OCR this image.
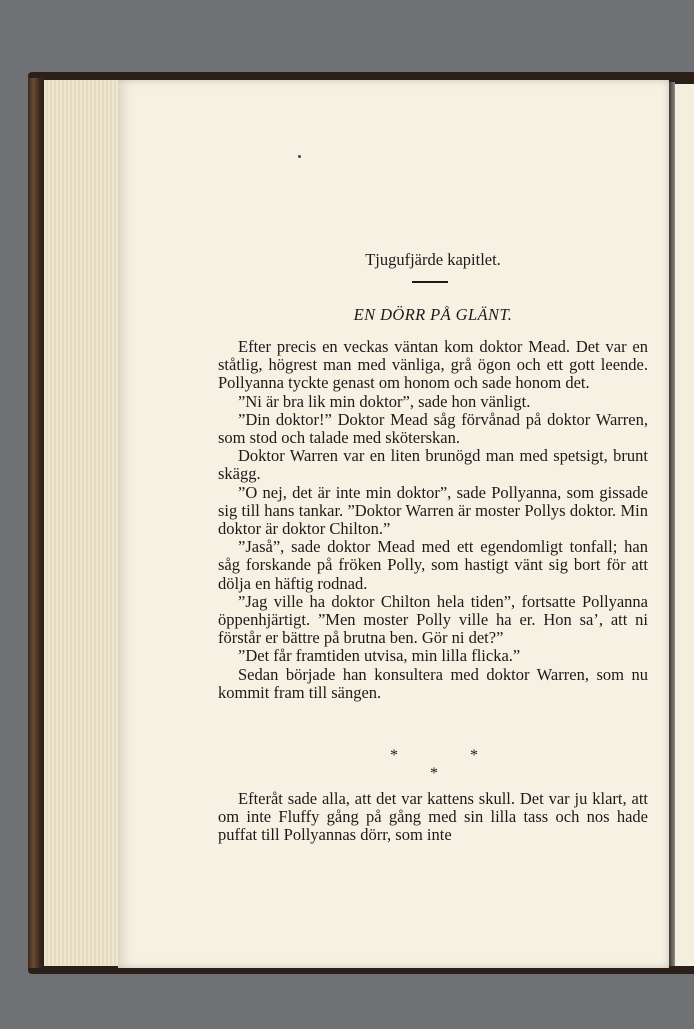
Tjugufjärde kapitlet.
EN DÖRR PÅ GLÄNT.

Efter precis en veckas väntan kom doktor Mead. Det var en ståtlig, högrest man med vänliga, grå ögon och ett gott leende. Pollyanna tyckte genast om honom och sade honom det.

”Ni är bra lik min doktor”, sade hon vänligt.

”Din doktor!” Doktor Mead såg förvånad på doktor Warren, som stod och talade med sköterskan.

Doktor Warren var en liten brunögd man med spetsigt, brunt skägg.

”O nej, det är inte min doktor”, sade Pollyanna, som gissade sig till hans tankar. ”Doktor Warren är moster Pollys doktor. Min doktor är doktor Chilton.”

”Jaså”, sade doktor Mead med ett egendomligt tonfall; han såg forskande på fröken Polly, som hastigt vänt sig bort för att dölja en häftig rodnad.

”Jag ville ha doktor Chilton hela tiden”, fortsatte Pollyanna öppenhjärtigt. ”Men moster Polly ville ha er. Hon sa’, att ni förstår er bättre på brutna ben. Gör ni det?”

”Det får framtiden utvisa, min lilla flicka.”

Sedan började han konsultera med doktor Warren, som nu kommit fram till sängen.

*	*
*

Efteråt sade alla, att det var kattens skull. Det var ju klart, att om inte Fluffy gång på gång med sin lilla tass och nos hade puffat till Pollyannas dörr, som inte
